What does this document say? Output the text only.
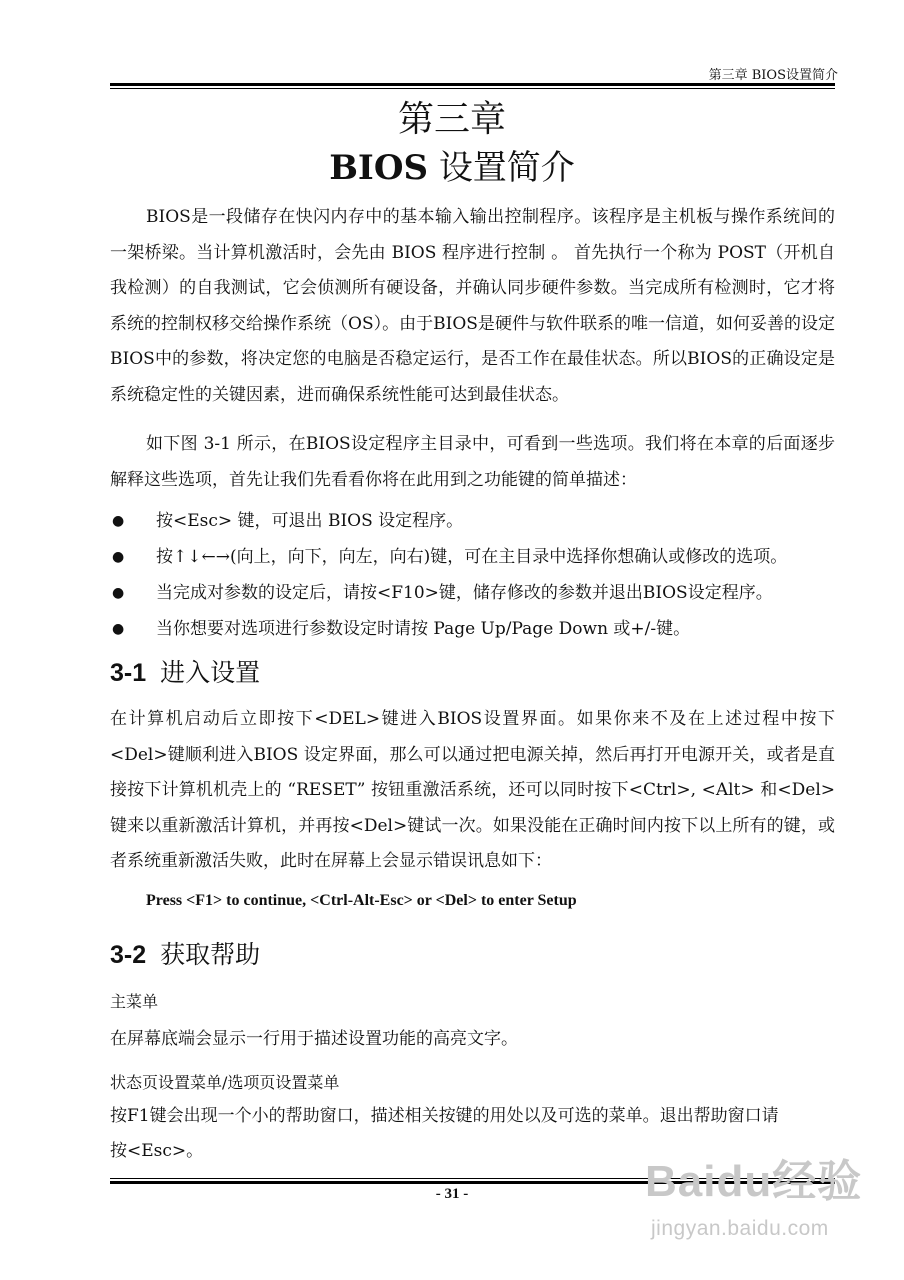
第三章 BIOS设置简介
第三章
BIOS 设置简介

BIOS是一段储存在快闪内存中的基本输入输出控制程序。该程序是主机板与操作系统间的一架桥梁。当计算机激活时，会先由 BIOS 程序进行控制 。 首先执行一个称为 POST（开机自我检测）的自我测试，它会侦测所有硬设备，并确认同步硬件参数。当完成所有检测时，它才将系统的控制权移交给操作系统（OS）。由于BIOS是硬件与软件联系的唯一信道，如何妥善的设定BIOS中的参数，将决定您的电脑是否稳定运行，是否工作在最佳状态。所以BIOS的正确设定是系统稳定性的关键因素，进而确保系统性能可达到最佳状态。

如下图 3-1 所示，在BIOS设定程序主目录中，可看到一些选项。我们将在本章的后面逐步解释这些选项，首先让我们先看看你将在此用到之功能键的简单描述：

● 按<Esc> 键，可退出 BIOS 设定程序。
● 按↑↓←→(向上，向下，向左，向右)键，可在主目录中选择你想确认或修改的选项。
● 当完成对参数的设定后，请按<F10>键，储存修改的参数并退出BIOS设定程序。
● 当你想要对选项进行参数设定时请按 Page Up/Page Down 或+/-键。
3-1 进入设置

在计算机启动后立即按下<DEL>键进入BIOS设置界面。如果你来不及在上述过程中按下<Del>键顺利进入BIOS 设定界面，那么可以通过把电源关掉，然后再打开电源开关，或者是直接按下计算机机壳上的 “RESET” 按钮重激活系统，还可以同时按下<Ctrl>, <Alt> 和<Del> 键来以重新激活计算机，并再按<Del>键试一次。如果没能在正确时间内按下以上所有的键，或者系统重新激活失败，此时在屏幕上会显示错误讯息如下：

Press <F1> to continue, <Ctrl-Alt-Esc> or <Del> to enter Setup
3-2 获取帮助
主菜单
在屏幕底端会显示一行用于描述设置功能的高亮文字。
状态页设置菜单/选项页设置菜单
按F1键会出现一个小的帮助窗口，描述相关按键的用处以及可选的菜单。退出帮助窗口请
按<Esc>。
- 31 -	Baidu经验
jingyan.baidu.com
